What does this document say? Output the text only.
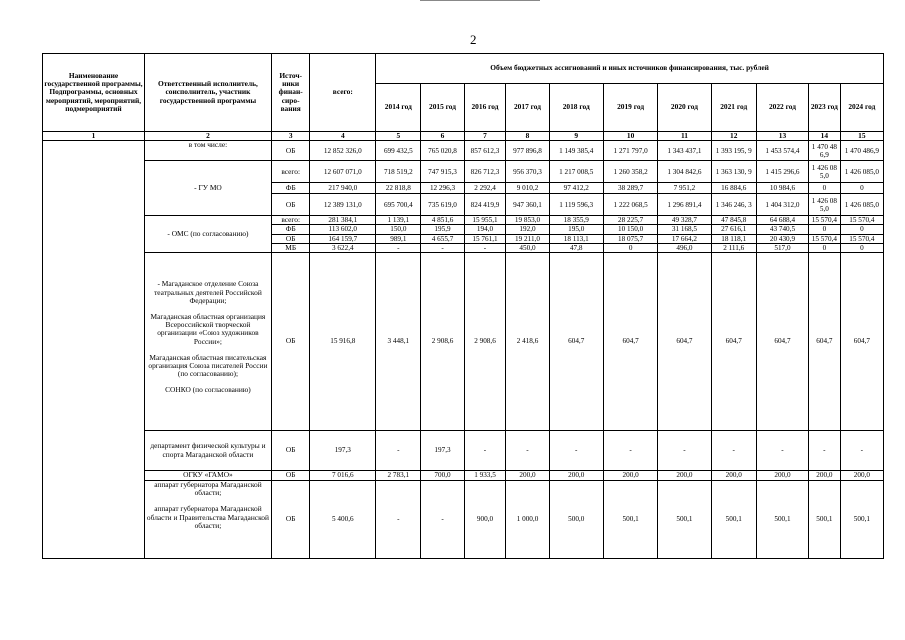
2
Наименование государственной программы, Подпрограммы, основных мероприятий, мероприятий, подмероприятий	Ответственный исполнитель, соисполнитель, участник государственной программы	Источ-ники финан-сиро-вания	всего:	Объем бюджетных ассигнований и иных источников финансирования, тыс. рублей										
				2014 год	2015 год	2016 год	2017 год	2018 год	2019 год	2020 год	2021 год	2022 год	2023 год	2024 год
1	2	3	4	5	6	7	8	9	10	11	12	13	14	15
	в том числе:	ОБ	12 852 326,0	699 432,5	765 020,8	857 612,3	977 896,8	1 149 385,4	1 271 797,0	1 343 437,1	1 393 195, 9	1 453 574,4	1 470 48 6,9	1 470 486,9
	- ГУ МО	всего:	12 607 071,0	718 519,2	747 915,3	826 712,3	956 370,3	1 217 008,5	1 260 358,2	1 304 842,6	1 363 130, 9	1 415 296,6	1 426 08 5,0	1 426 085,0
		ФБ	217 940,0	22 818,8	12 296,3	2 292,4	9 010,2	97 412,2	38 289,7	7 951,2	16 884,6	10 984,6	0	0
		ОБ	12 389 131,0	695 700,4	735 619,0	824 419,9	947 360,1	1 119 596,3	1 222 068,5	1 296 891,4	1 346 246, 3	1 404 312,0	1 426 08 5,0	1 426 085,0
	- ОМС (по согласованию)	всего:	281 384,1	1 139,1	4 851,6	15 955,1	19 853,0	18 355,9	28 225,7	49 328,7	47 845,8	64 688,4	15 570,4	15 570,4
		ФБ	113 602,0	150,0	195,9	194,0	192,0	195,0	10 150,0	31 168,5	27 616,1	43 740,5	0	0
		ОБ	164 159,7	989,1	4 655,7	15 761,1	19 211,0	18 113,1	18 075,7	17 664,2	18 118,1	20 430,9	15 570,4	15 570,4
		МБ	3 622,4	-	-	-	450,0	47,8	0	496,0	2 111,6	517,0	0	0

	- Магаданское отделение Союза театральных деятелей Российской Федерации;
Магаданская областная организация Всероссийской творческой организации «Союз художников России»;
Магаданская областная писательская организация Союза писателей России (по согласованию);
СОНКО (по согласованию)	ОБ	15 916,8	3 448,1	2 908,6	2 908,6	2 418,6	604,7	604,7	604,7	604,7	604,7	604,7	604,7
	департамент физической культуры и спорта Магаданской области	ОБ	197,3	-	197,3	-	-	-	-	-	-	-	-	-
	ОГКУ «ГАМО»	ОБ	7 016,6	2 783,1	700,0	1 933,5	200,0	200,0	200,0	200,0	200,0	200,0	200,0	200,0

	аппарат губернатора Магаданской области;
аппарат губернатора Магаданской области и Правительства Магаданской области;	ОБ	5 400,6	-	-	900,0	1 000,0	500,0	500,1	500,1	500,1	500,1	500,1	500,1
